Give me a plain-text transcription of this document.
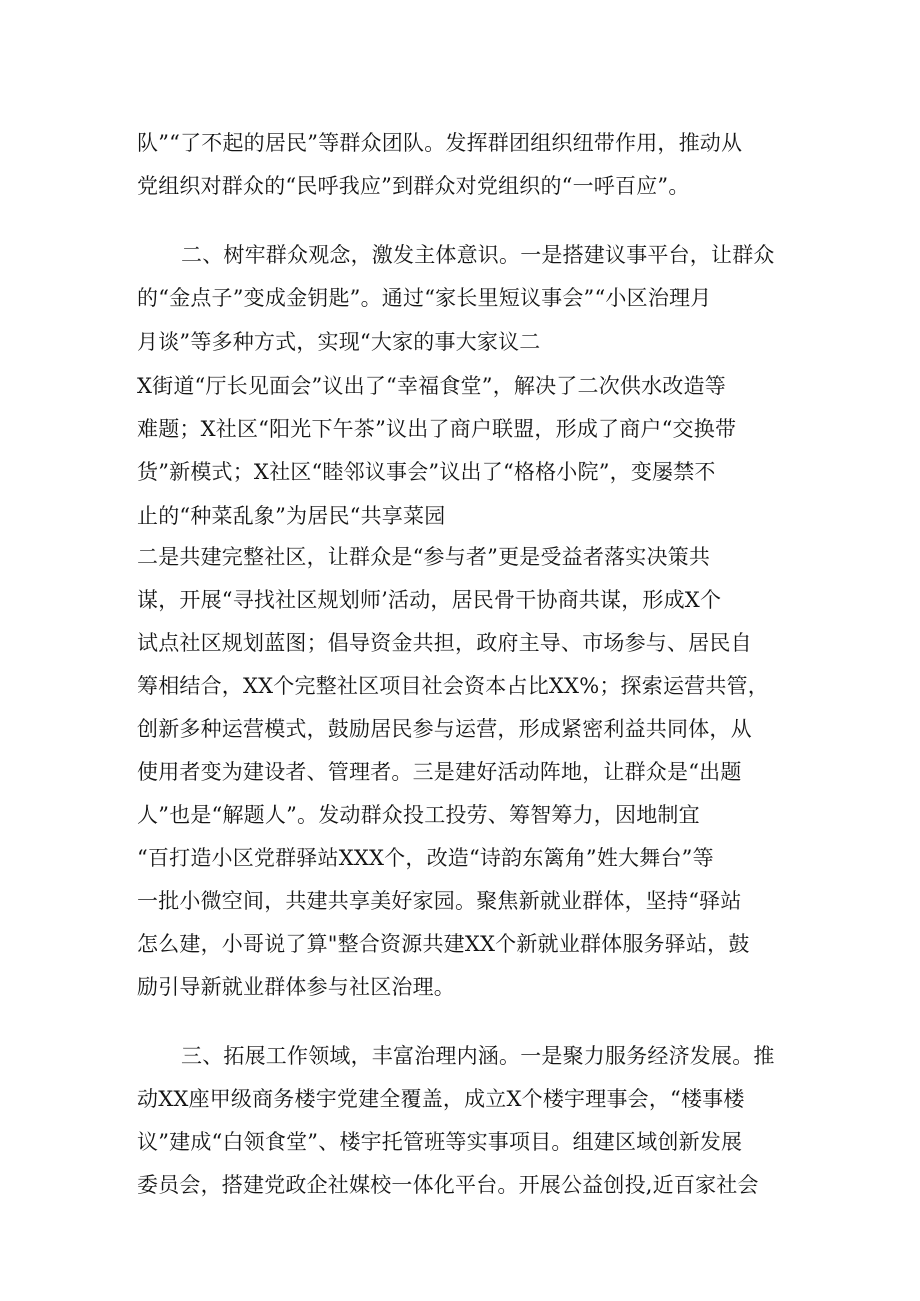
队”“了不起的居民”等群众团队。发挥群团组织纽带作用，推动从
党组织对群众的“民呼我应”到群众对党组织的“一呼百应”。
二、树牢群众观念，激发主体意识。一是搭建议事平台，让群众
的“金点子”变成金钥匙”。通过“家长里短议事会”“小区治理月
月谈”等多种方式，实现“大家的事大家议二
X街道“厅长见面会”议出了“幸福食堂”，解决了二次供水改造等
难题；X社区“阳光下午茶”议出了商户联盟，形成了商户“交换带
货”新模式；X社区“睦邻议事会”议出了“格格小院”，变屡禁不
止的“种菜乱象”为居民“共享菜园
二是共建完整社区，让群众是“参与者”更是受益者落实决策共
谋，开展“寻找社区规划师’活动，居民骨干协商共谋，形成X个
试点社区规划蓝图；倡导资金共担，政府主导、市场参与、居民自
筹相结合，XX个完整社区项目社会资本占比XX%；探索运营共管，
创新多种运营模式，鼓励居民参与运营，形成紧密利益共同体，从
使用者变为建设者、管理者。三是建好活动阵地，让群众是“出题
人”也是“解题人”。发动群众投工投劳、筹智筹力，因地制宜
“百打造小区党群驿站XXX个，改造“诗韵东篱角”姓大舞台”等
一批小微空间，共建共享美好家园。聚焦新就业群体，坚持“驿站
怎么建，小哥说了算"整合资源共建XX个新就业群体服务驿站，鼓
励引导新就业群体参与社区治理。
三、拓展工作领域，丰富治理内涵。一是聚力服务经济发展。推
动XX座甲级商务楼宇党建全覆盖，成立X个楼宇理事会，“楼事楼
议”建成“白领食堂”、楼宇托管班等实事项目。组建区域创新发展
委员会，搭建党政企社媒校一体化平台。开展公益创投,近百家社会
